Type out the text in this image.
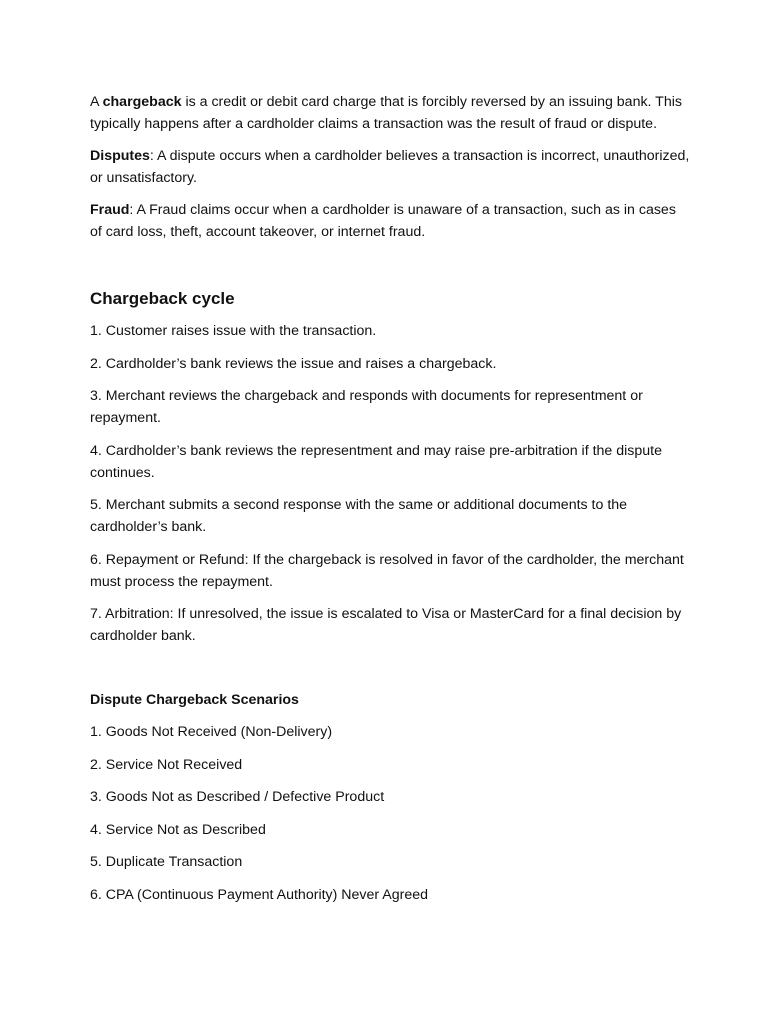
A chargeback is a credit or debit card charge that is forcibly reversed by an issuing bank. This typically happens after a cardholder claims a transaction was the result of fraud or dispute.

Disputes: A dispute occurs when a cardholder believes a transaction is incorrect, unauthorized, or unsatisfactory.

Fraud: A Fraud claims occur when a cardholder is unaware of a transaction, such as in cases of card loss, theft, account takeover, or internet fraud.

Chargeback cycle
1. Customer raises issue with the transaction.
2. Cardholder’s bank reviews the issue and raises a chargeback.
3. Merchant reviews the chargeback and responds with documents for representment or repayment.
4. Cardholder’s bank reviews the representment and may raise pre-arbitration if the dispute continues.
5. Merchant submits a second response with the same or additional documents to the cardholder’s bank.
6. Repayment or Refund: If the chargeback is resolved in favor of the cardholder, the merchant must process the repayment.
7. Arbitration: If unresolved, the issue is escalated to Visa or MasterCard for a final decision by cardholder bank.
Dispute Chargeback Scenarios
1. Goods Not Received (Non-Delivery)
2. Service Not Received
3. Goods Not as Described / Defective Product
4. Service Not as Described
5. Duplicate Transaction
6. CPA (Continuous Payment Authority) Never Agreed
